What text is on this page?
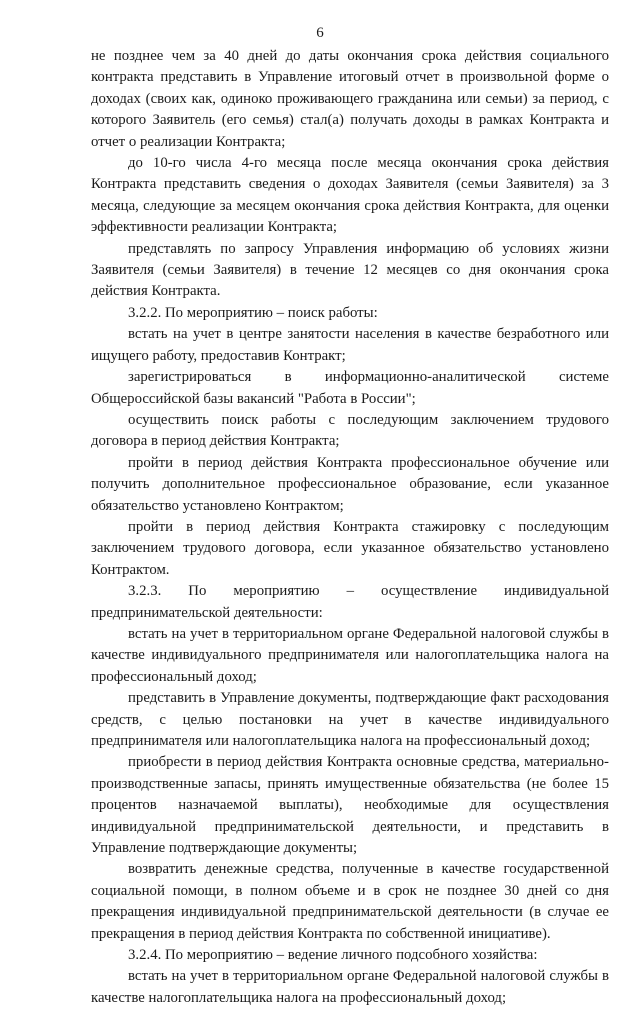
6

не позднее чем за 40 дней до даты окончания срока действия социального контракта представить в Управление итоговый отчет в произвольной форме о доходах (своих как, одиноко проживающего гражданина или семьи) за период, с которого Заявитель (его семья) стал(а) получать доходы в рамках Контракта и отчет о реализации Контракта;

до 10-го числа 4-го месяца после месяца окончания срока действия Контракта представить сведения о доходах Заявителя (семьи Заявителя) за 3 месяца, следующие за месяцем окончания срока действия Контракта, для оценки эффективности реализации Контракта;

представлять по запросу Управления информацию об условиях жизни Заявителя (семьи Заявителя) в течение 12 месяцев со дня окончания срока действия Контракта.

3.2.2. По мероприятию – поиск работы:

встать на учет в центре занятости населения в качестве безработного или ищущего работу, предоставив Контракт;

зарегистрироваться в информационно-аналитической системе Общероссийской базы вакансий "Работа в России";

осуществить поиск работы с последующим заключением трудового договора в период действия Контракта;

пройти в период действия Контракта профессиональное обучение или получить дополнительное профессиональное образование, если указанное обязательство установлено Контрактом;

пройти в период действия Контракта стажировку с последующим заключением трудового договора, если указанное обязательство установлено Контрактом.

3.2.3. По мероприятию – осуществление индивидуальной предпринимательской деятельности:

встать на учет в территориальном органе Федеральной налоговой службы в качестве индивидуального предпринимателя или налогоплательщика налога на профессиональный доход;

представить в Управление документы, подтверждающие факт расходования средств, с целью постановки на учет в качестве индивидуального предпринимателя или налогоплательщика налога на профессиональный доход;

приобрести в период действия Контракта основные средства, материально-производственные запасы, принять имущественные обязательства (не более 15 процентов назначаемой выплаты), необходимые для осуществления индивидуальной предпринимательской деятельности, и представить в Управление подтверждающие документы;

возвратить денежные средства, полученные в качестве государственной социальной помощи, в полном объеме и в срок не позднее 30 дней со дня прекращения индивидуальной предпринимательской деятельности (в случае ее прекращения в период действия Контракта по собственной инициативе).

3.2.4. По мероприятию – ведение личного подсобного хозяйства:

встать на учет в территориальном органе Федеральной налоговой службы в качестве налогоплательщика налога на профессиональный доход;
